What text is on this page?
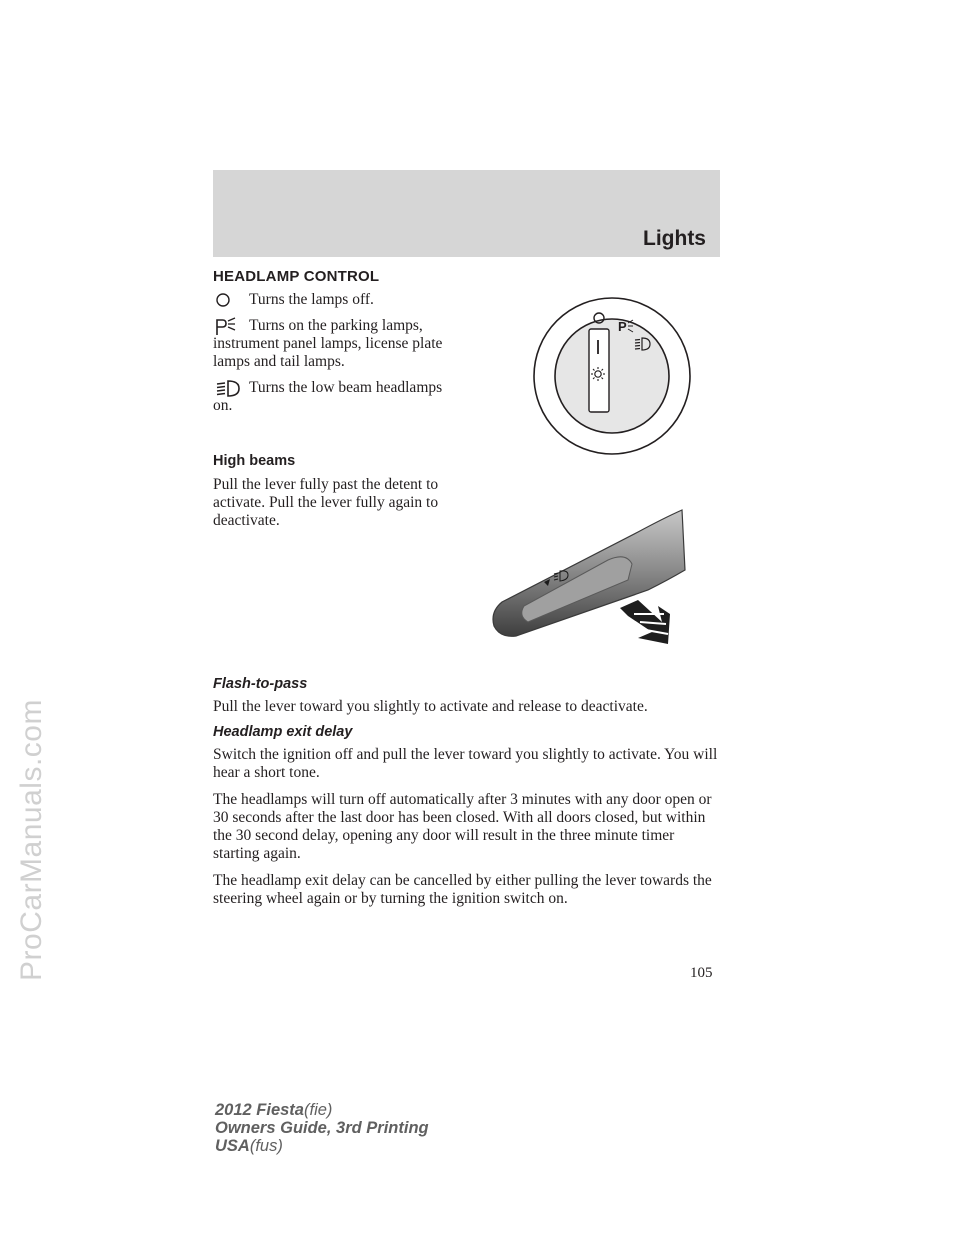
ProCarManuals.com
Lights
HEADLAMP CONTROL
Turns the lamps off.
Turns on the parking lamps,
instrument panel lamps, license plate lamps and tail lamps.
Turns the low beam headlamps
on.
High beams

Pull the lever fully past the detent to activate. Pull the lever fully again to deactivate.

Flash-to-pass

Pull the lever toward you slightly to activate and release to deactivate.

Headlamp exit delay

Switch the ignition off and pull the lever toward you slightly to activate. You will hear a short tone.

The headlamps will turn off automatically after 3 minutes with any door open or 30 seconds after the last door has been closed. With all doors closed, but within the 30 second delay, opening any door will result in the three minute timer starting again.

The headlamp exit delay can be cancelled by either pulling the lever towards the steering wheel again or by turning the ignition switch on.

P
105
2012 Fiesta(fie)
Owners Guide, 3rd Printing
USA(fus)
